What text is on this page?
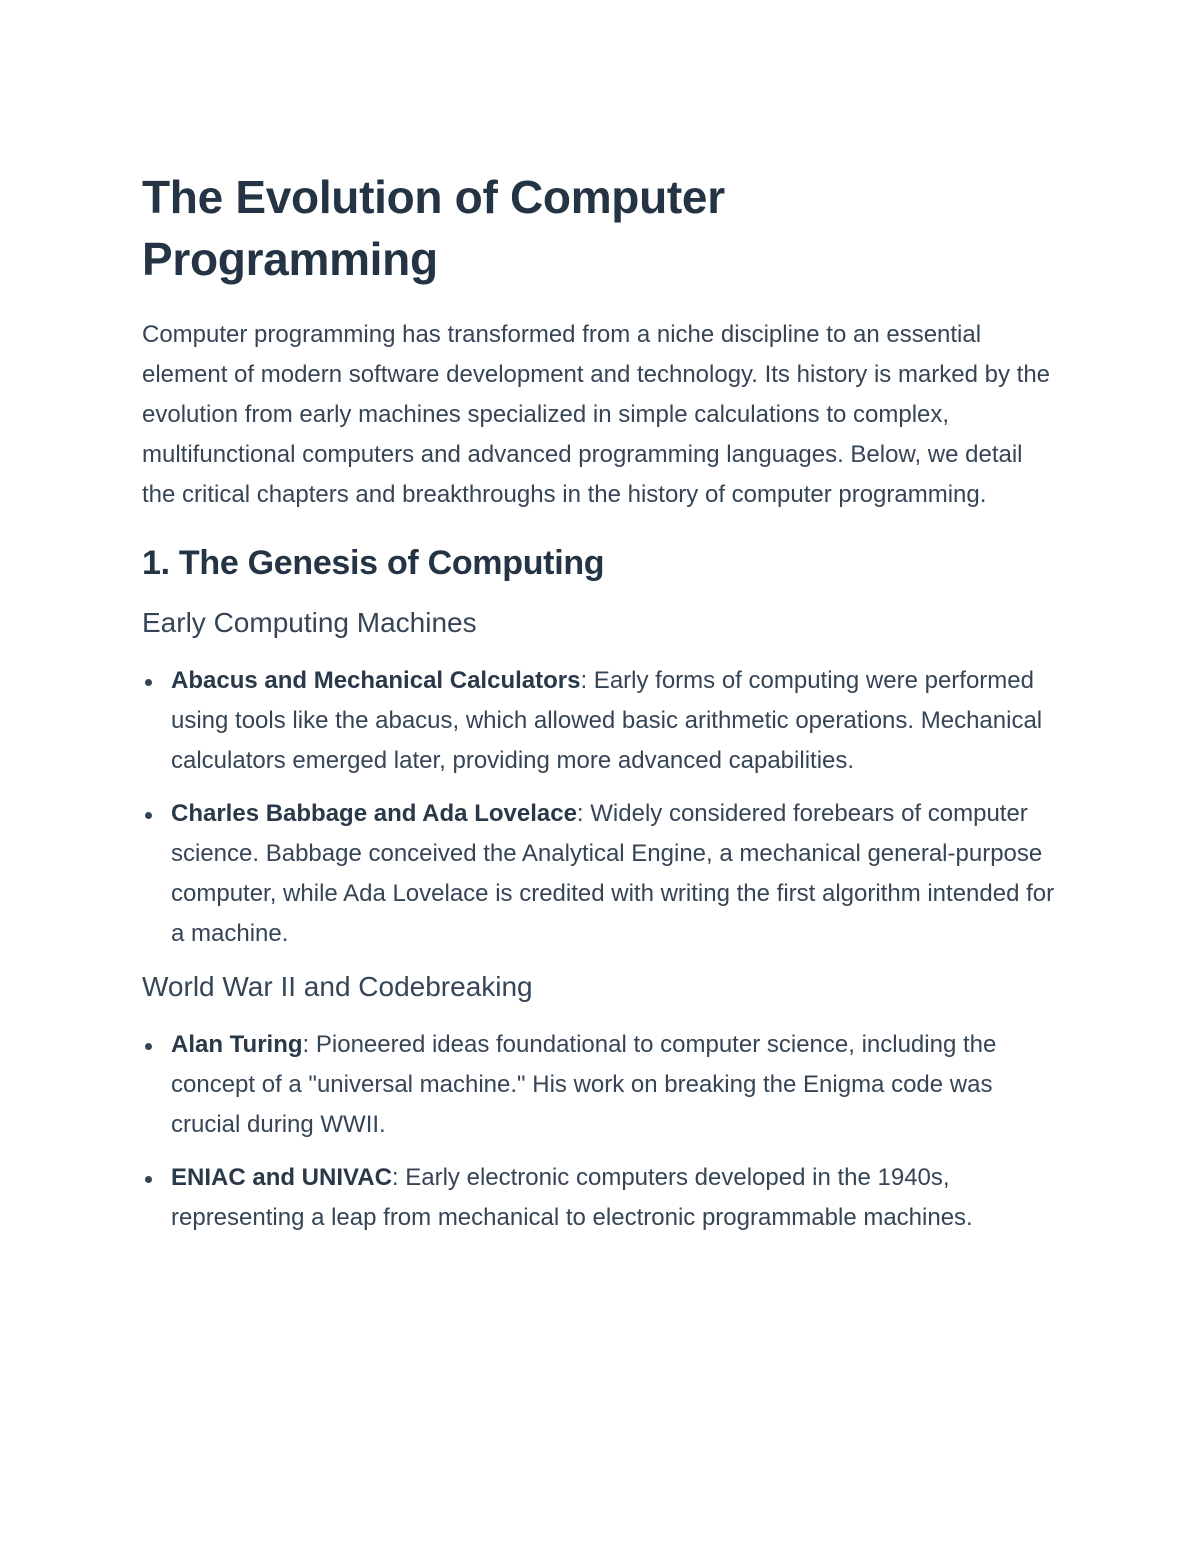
The Evolution of Computer Programming

Computer programming has transformed from a niche discipline to an essential element of modern software development and technology. Its history is marked by the evolution from early machines specialized in simple calculations to complex, multifunctional computers and advanced programming languages. Below, we detail the critical chapters and breakthroughs in the history of computer programming.

1. The Genesis of Computing
Early Computing Machines
Abacus and Mechanical Calculators: Early forms of computing were performed using tools like the abacus, which allowed basic arithmetic operations. Mechanical calculators emerged later, providing more advanced capabilities.
Charles Babbage and Ada Lovelace: Widely considered forebears of computer science. Babbage conceived the Analytical Engine, a mechanical general-purpose computer, while Ada Lovelace is credited with writing the first algorithm intended for a machine.
World War II and Codebreaking
Alan Turing: Pioneered ideas foundational to computer science, including the concept of a "universal machine." His work on breaking the Enigma code was crucial during WWII.
ENIAC and UNIVAC: Early electronic computers developed in the 1940s, representing a leap from mechanical to electronic programmable machines.
